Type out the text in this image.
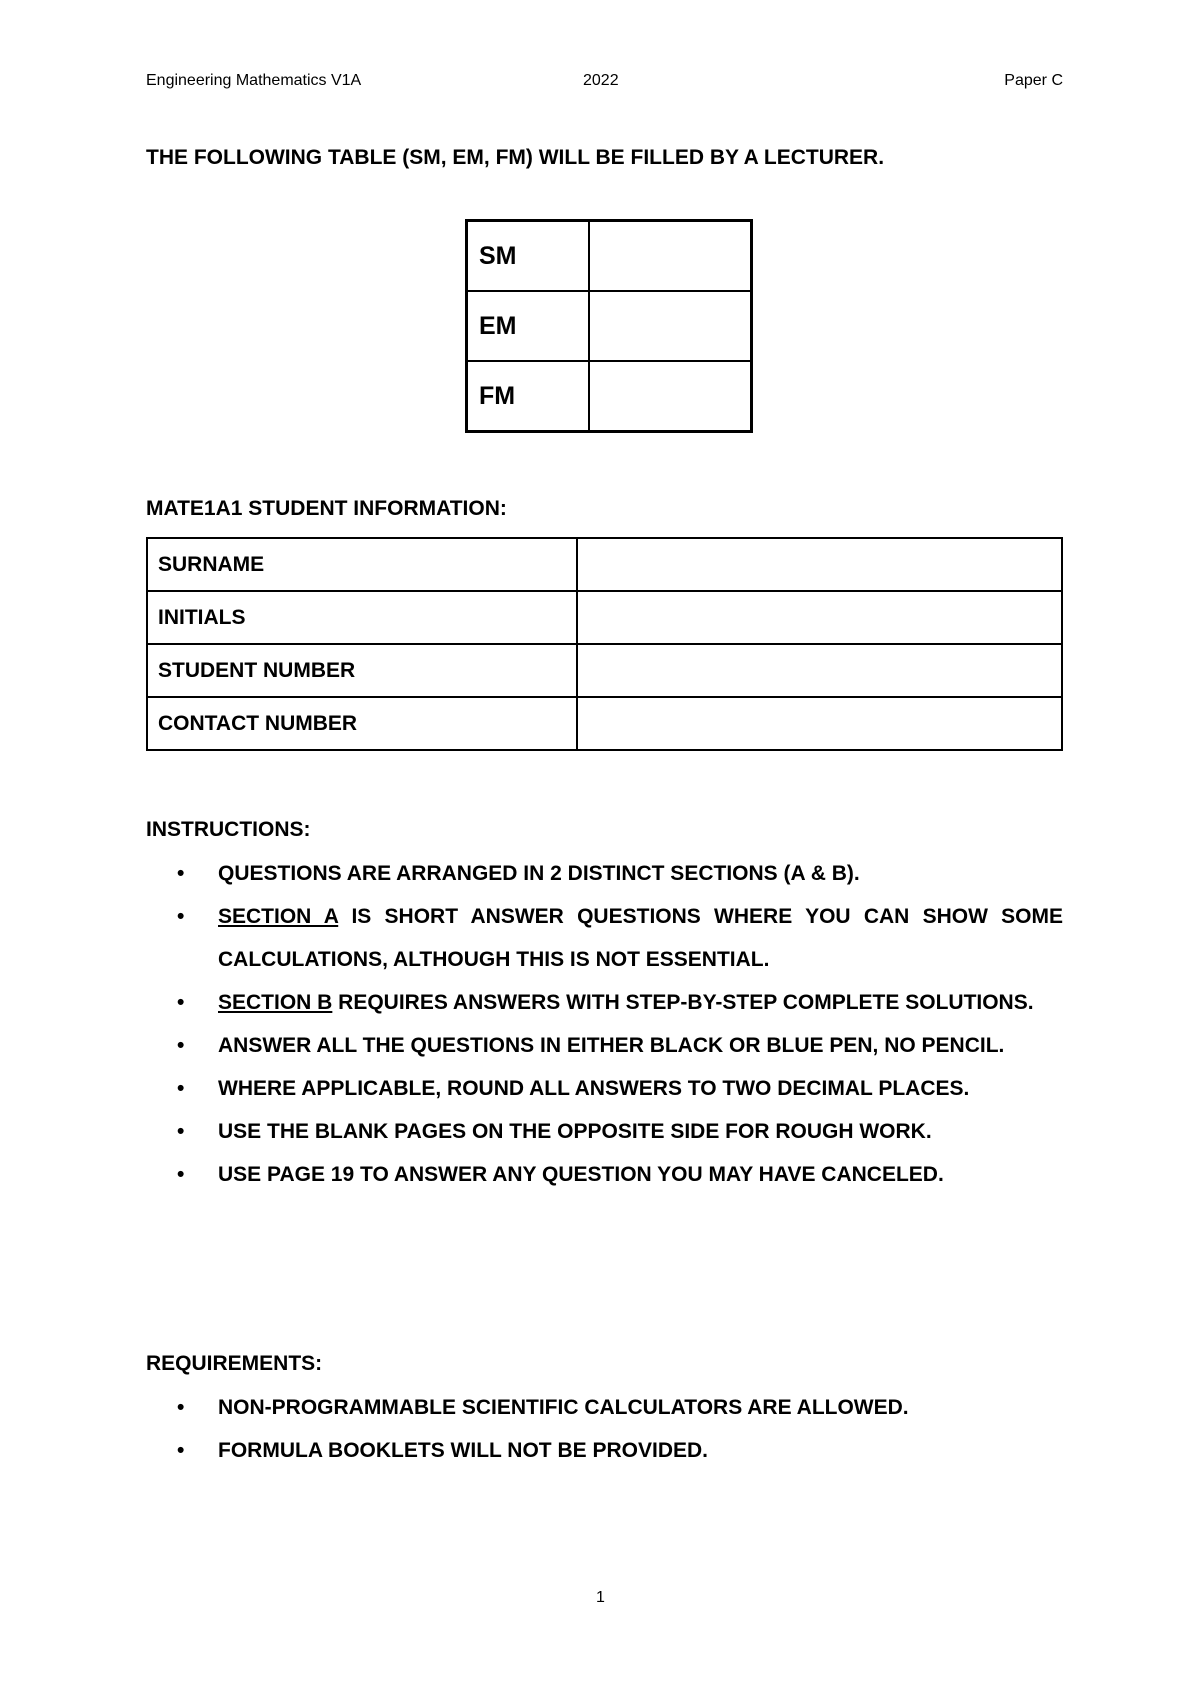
Engineering Mathematics V1A	2022	Paper C
THE FOLLOWING TABLE (SM, EM, FM) WILL BE FILLED BY A LECTURER.
SM	
EM	
FM	
MATE1A1 STUDENT INFORMATION:
SURNAME	
INITIALS	
STUDENT NUMBER	
CONTACT NUMBER	
INSTRUCTIONS:
• QUESTIONS ARE ARRANGED IN 2 DISTINCT SECTIONS (A & B).
• SECTION A IS SHORT ANSWER QUESTIONS WHERE YOU CAN SHOW SOME CALCULATIONS, ALTHOUGH THIS IS NOT ESSENTIAL.
• SECTION B REQUIRES ANSWERS WITH STEP-BY-STEP COMPLETE SOLUTIONS.
• ANSWER ALL THE QUESTIONS IN EITHER BLACK OR BLUE PEN, NO PENCIL.
• WHERE APPLICABLE, ROUND ALL ANSWERS TO TWO DECIMAL PLACES.
• USE THE BLANK PAGES ON THE OPPOSITE SIDE FOR ROUGH WORK.
• USE PAGE 19 TO ANSWER ANY QUESTION YOU MAY HAVE CANCELED.
REQUIREMENTS:
• NON-PROGRAMMABLE SCIENTIFIC CALCULATORS ARE ALLOWED.
• FORMULA BOOKLETS WILL NOT BE PROVIDED.
1
